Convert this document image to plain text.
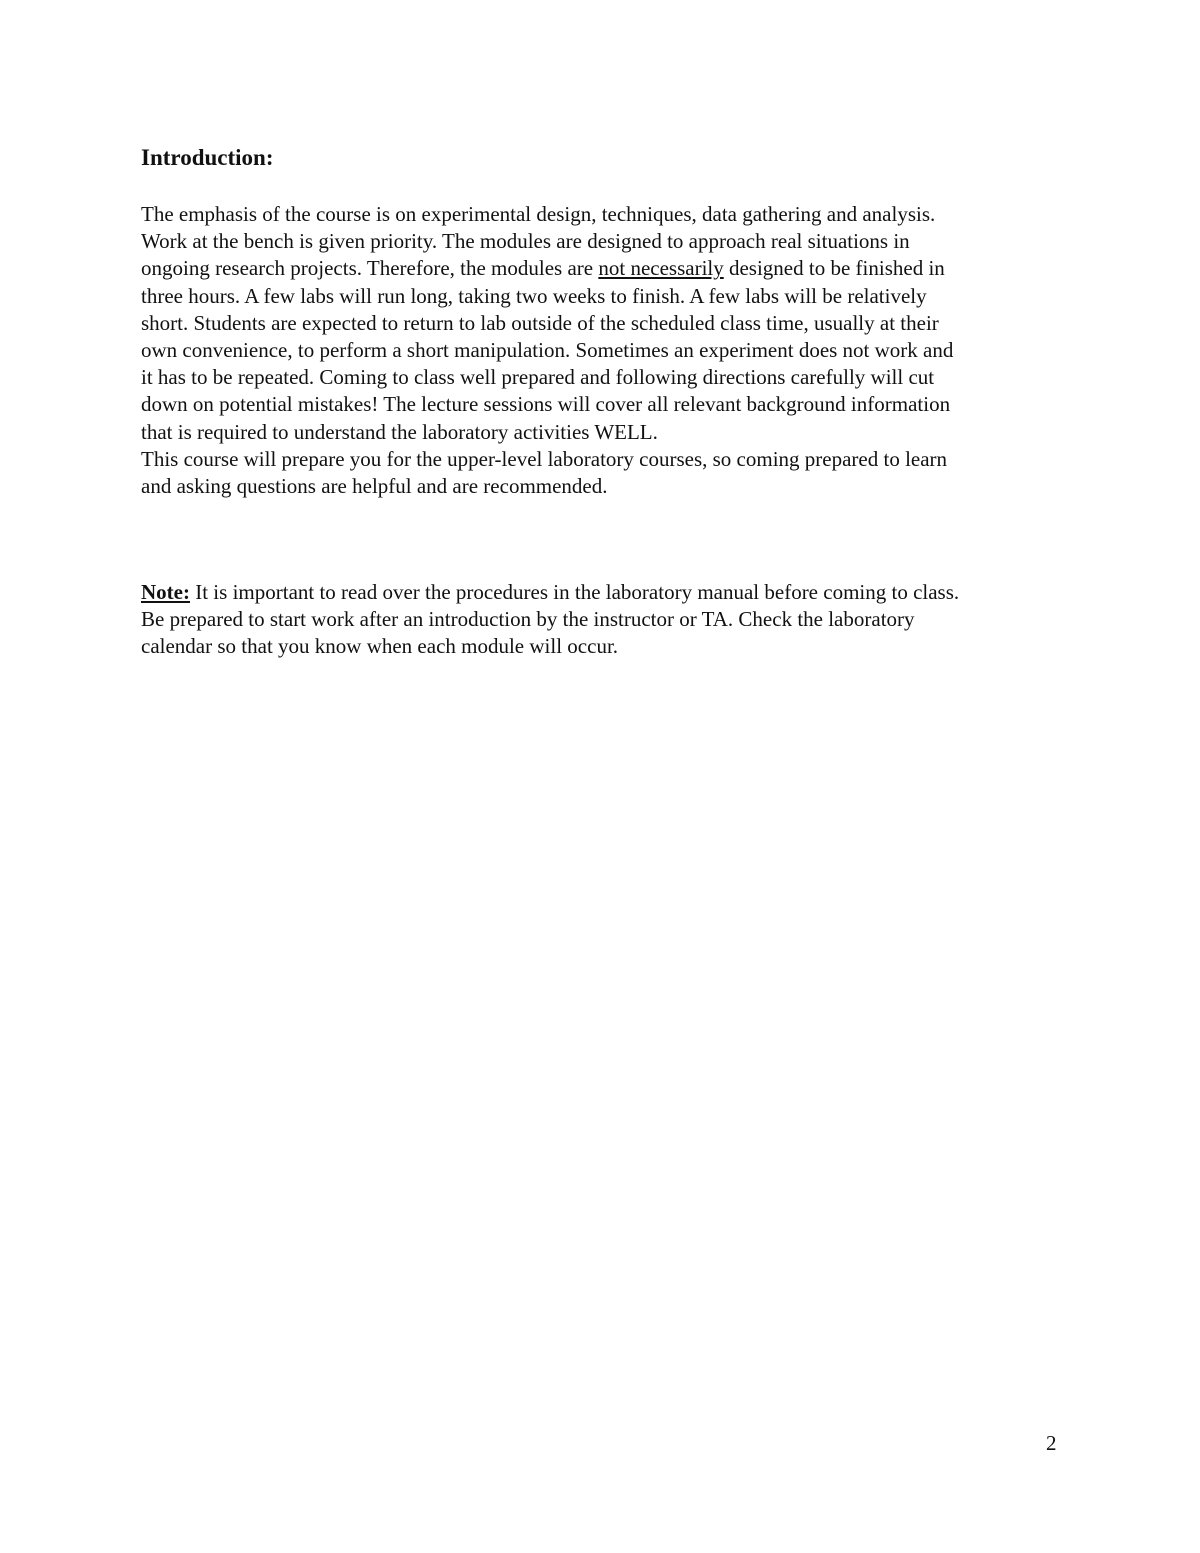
Introduction:
The emphasis of the course is on experimental design, techniques, data gathering and analysis.
Work at the bench is given priority. The modules are designed to approach real situations in
ongoing research projects. Therefore, the modules are not necessarily designed to be finished in
three hours. A few labs will run long, taking two weeks to finish. A few labs will be relatively
short. Students are expected to return to lab outside of the scheduled class time, usually at their
own convenience, to perform a short manipulation. Sometimes an experiment does not work and
it has to be repeated. Coming to class well prepared and following directions carefully will cut
down on potential mistakes! The lecture sessions will cover all relevant background information
that is required to understand the laboratory activities WELL.
This course will prepare you for the upper-level laboratory courses, so coming prepared to learn
and asking questions are helpful and are recommended.
Note: It is important to read over the procedures in the laboratory manual before coming to class.
Be prepared to start work after an introduction by the instructor or TA. Check the laboratory
calendar so that you know when each module will occur.
2
